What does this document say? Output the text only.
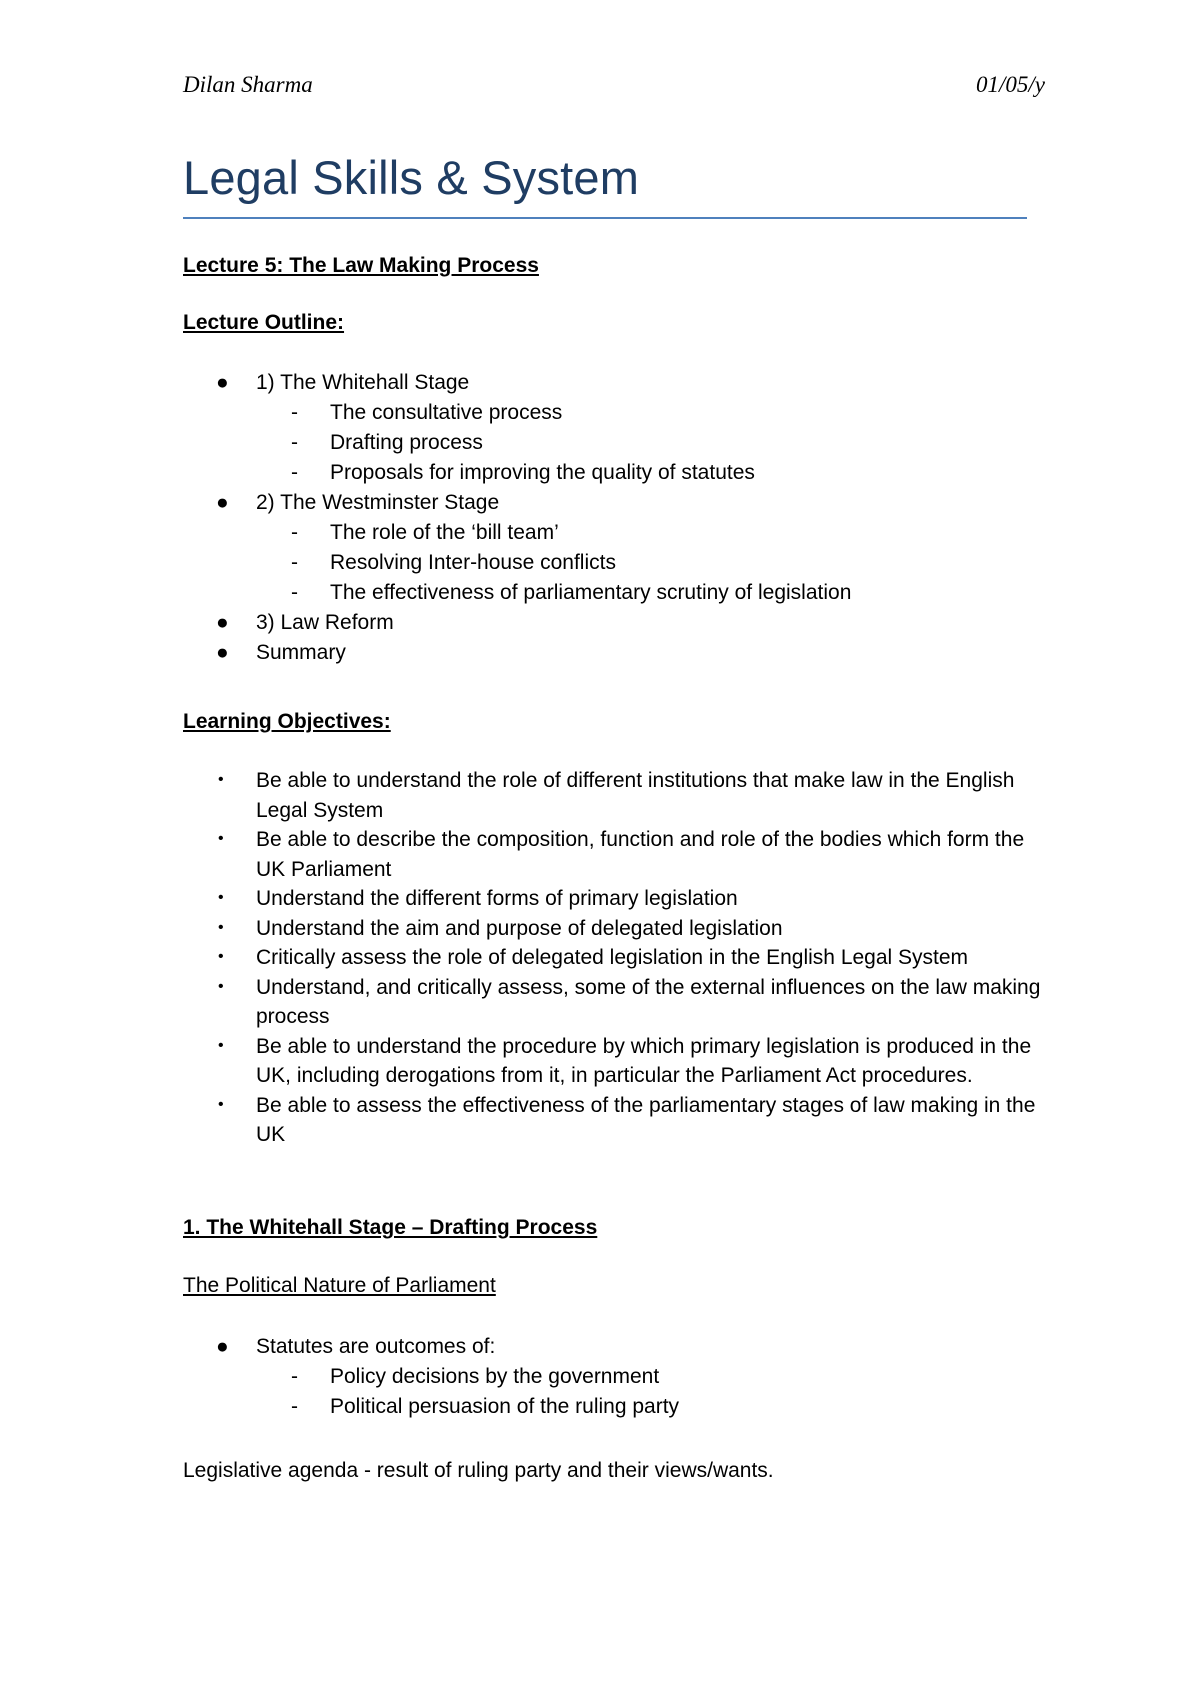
Dilan Sharma	01/05/y
Legal Skills & System
Lecture 5: The Law Making Process
Lecture Outline:
● 1) The Whitehall Stage
- The consultative process
- Drafting process
- Proposals for improving the quality of statutes
● 2) The Westminster Stage
- The role of the ‘bill team’
- Resolving Inter-house conflicts
- The effectiveness of parliamentary scrutiny of legislation
● 3) Law Reform
● Summary
Learning Objectives:
• Be able to understand the role of different institutions that make law in the English Legal System
• Be able to describe the composition, function and role of the bodies which form the UK Parliament
• Understand the different forms of primary legislation
• Understand the aim and purpose of delegated legislation
• Critically assess the role of delegated legislation in the English Legal System
• Understand, and critically assess, some of the external influences on the law making process
• Be able to understand the procedure by which primary legislation is produced in the UK, including derogations from it, in particular the Parliament Act procedures.
• Be able to assess the effectiveness of the parliamentary stages of law making in the UK
1. The Whitehall Stage – Drafting Process
The Political Nature of Parliament
● Statutes are outcomes of:
- Policy decisions by the government
- Political persuasion of the ruling party
Legislative agenda - result of ruling party and their views/wants.
